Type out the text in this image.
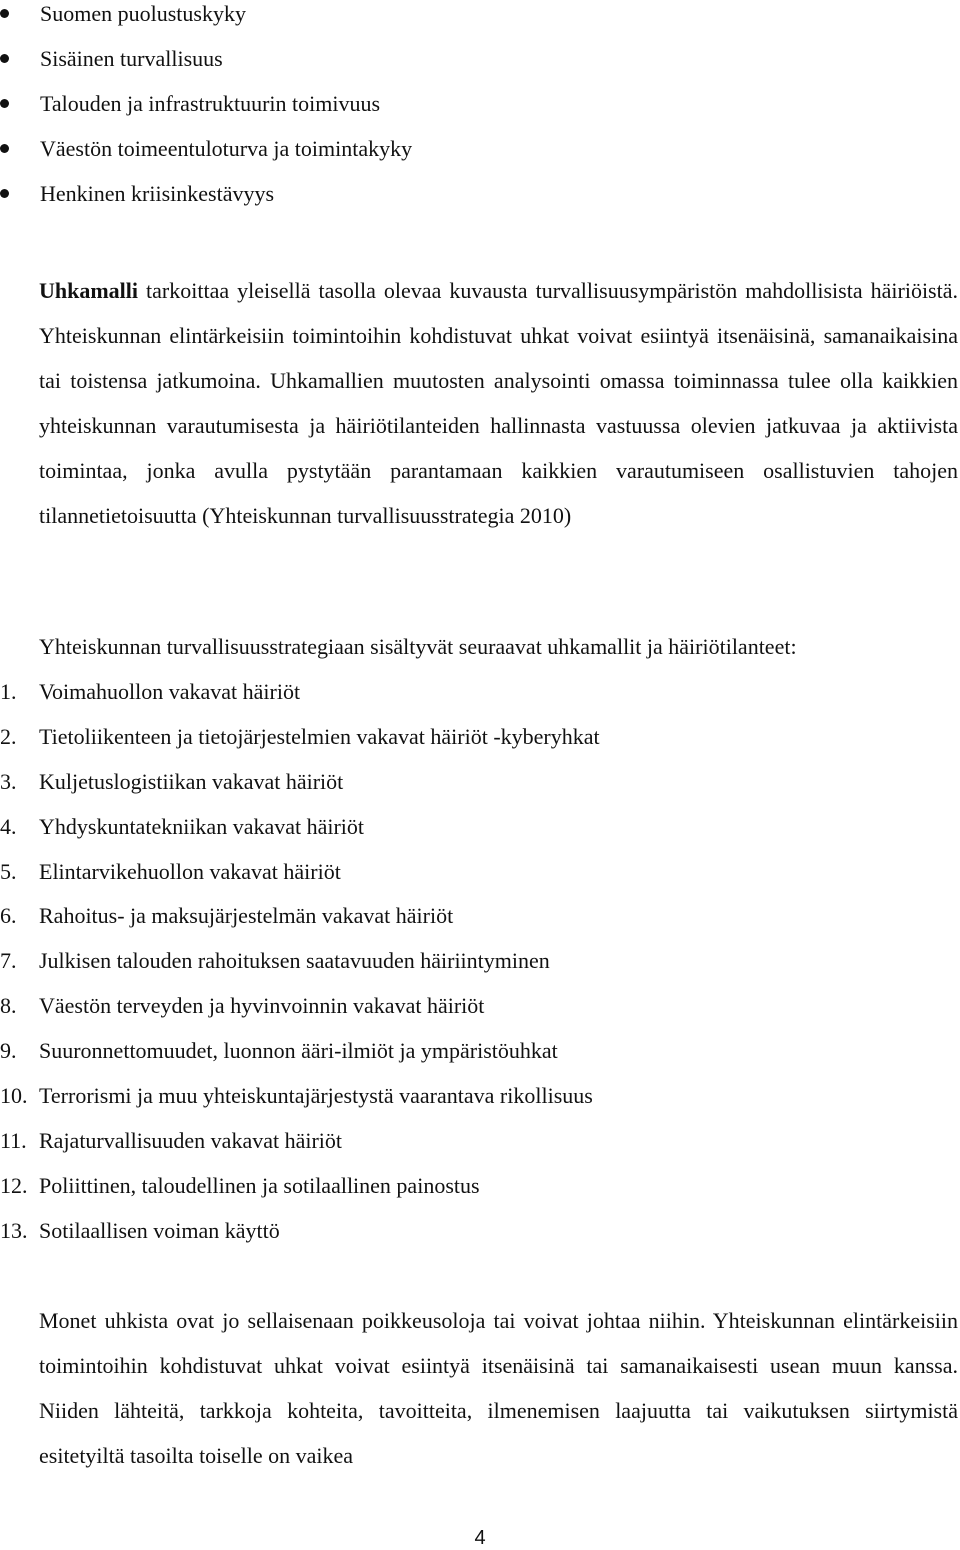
Suomen puolustuskyky
Sisäinen turvallisuus
Talouden ja infrastruktuurin toimivuus
Väestön toimeentuloturva ja toimintakyky
Henkinen kriisinkestävyys

Uhkamalli tarkoittaa yleisellä tasolla olevaa kuvausta turvallisuusympäristön mahdollisista häiriöistä. Yhteiskunnan elintärkeisiin toimintoihin kohdistuvat uhkat voivat esiintyä itsenäisinä, samanaikaisina tai toistensa jatkumoina. Uhkamallien muutosten analysointi omassa toiminnassa tulee olla kaikkien yhteiskunnan varautumisesta ja häiriötilanteiden hallinnasta vastuussa olevien jatkuvaa ja aktiivista toimintaa, jonka avulla pystytään parantamaan kaikkien varautumiseen osallistuvien tahojen tilannetietoisuutta (Yhteiskunnan turvallisuusstrategia 2010)

Yhteiskunnan turvallisuusstrategiaan sisältyvät seuraavat uhkamallit ja häiriötilanteet:

1. Voimahuollon vakavat häiriöt
2. Tietoliikenteen ja tietojärjestelmien vakavat häiriöt -kyberyhkat
3. Kuljetuslogistiikan vakavat häiriöt
4. Yhdyskuntatekniikan vakavat häiriöt
5. Elintarvikehuollon vakavat häiriöt
6. Rahoitus- ja maksujärjestelmän vakavat häiriöt
7. Julkisen talouden rahoituksen saatavuuden häiriintyminen
8. Väestön terveyden ja hyvinvoinnin vakavat häiriöt
9. Suuronnettomuudet, luonnon ääri-ilmiöt ja ympäristöuhkat
10. Terrorismi ja muu yhteiskuntajärjestystä vaarantava rikollisuus
11. Rajaturvallisuuden vakavat häiriöt
12. Poliittinen, taloudellinen ja sotilaallinen painostus
13. Sotilaallisen voiman käyttö

Monet uhkista ovat jo sellaisenaan poikkeusoloja tai voivat johtaa niihin. Yhteiskunnan elintärkeisiin toimintoihin kohdistuvat uhkat voivat esiintyä itsenäisinä tai samanaikaisesti usean muun kanssa. Niiden lähteitä, tarkkoja kohteita, tavoitteita, ilmenemisen laajuutta tai vaikutuksen siirtymistä esitetyiltä tasoilta toiselle on vaikea

4
